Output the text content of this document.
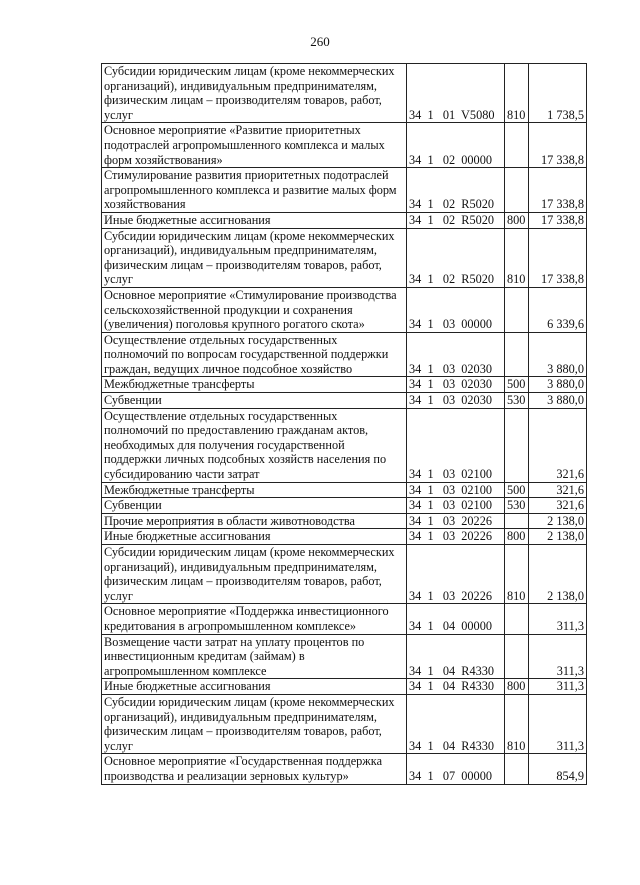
260
Субсидии юридическим лицам (кроме некоммерческих организаций), индивидуальным предпринимателям, физическим лицам – производителям товаров, работ, услуг	34  1   01  V5080	810	1 738,5
Основное мероприятие «Развитие приоритетных подотраслей агропромышленного комплекса и малых форм хозяйствования»	34  1   02  00000		17 338,8
Стимулирование развития приоритетных подотраслей агропромышленного комплекса и развитие малых форм хозяйствования	34  1   02  R5020		17 338,8
Иные бюджетные ассигнования	34  1   02  R5020	800	17 338,8
Субсидии юридическим лицам (кроме некоммерческих организаций), индивидуальным предпринимателям, физическим лицам – производителям товаров, работ, услуг	34  1   02  R5020	810	17 338,8
Основное мероприятие «Стимулирование производства сельскохозяйственной продукции и сохранения (увеличения) поголовья крупного рогатого скота»	34  1   03  00000		6 339,6
Осуществление отдельных государственных полномочий по вопросам государственной поддержки граждан, ведущих личное подсобное хозяйство	34  1   03  02030		3 880,0
Межбюджетные трансферты	34  1   03  02030	500	3 880,0
Субвенции	34  1   03  02030	530	3 880,0
Осуществление отдельных государственных полномочий по предоставлению гражданам актов, необходимых для получения государственной поддержки личных подсобных хозяйств населения по субсидированию части затрат	34  1   03  02100		321,6
Межбюджетные трансферты	34  1   03  02100	500	321,6
Субвенции	34  1   03  02100	530	321,6
Прочие мероприятия в области животноводства	34  1   03  20226		2 138,0
Иные бюджетные ассигнования	34  1   03  20226	800	2 138,0
Субсидии юридическим лицам (кроме некоммерческих организаций), индивидуальным предпринимателям, физическим лицам – производителям товаров, работ, услуг	34  1   03  20226	810	2 138,0
Основное мероприятие «Поддержка инвестиционного кредитования в агропромышленном комплексе»	34  1   04  00000		311,3
Возмещение части затрат на уплату процентов по инвестиционным кредитам (займам) в агропромышленном комплексе	34  1   04  R4330		311,3
Иные бюджетные ассигнования	34  1   04  R4330	800	311,3
Субсидии юридическим лицам (кроме некоммерческих организаций), индивидуальным предпринимателям, физическим лицам – производителям товаров, работ, услуг	34  1   04  R4330	810	311,3
Основное мероприятие «Государственная поддержка производства и реализации зерновых культур»	34  1   07  00000		854,9
